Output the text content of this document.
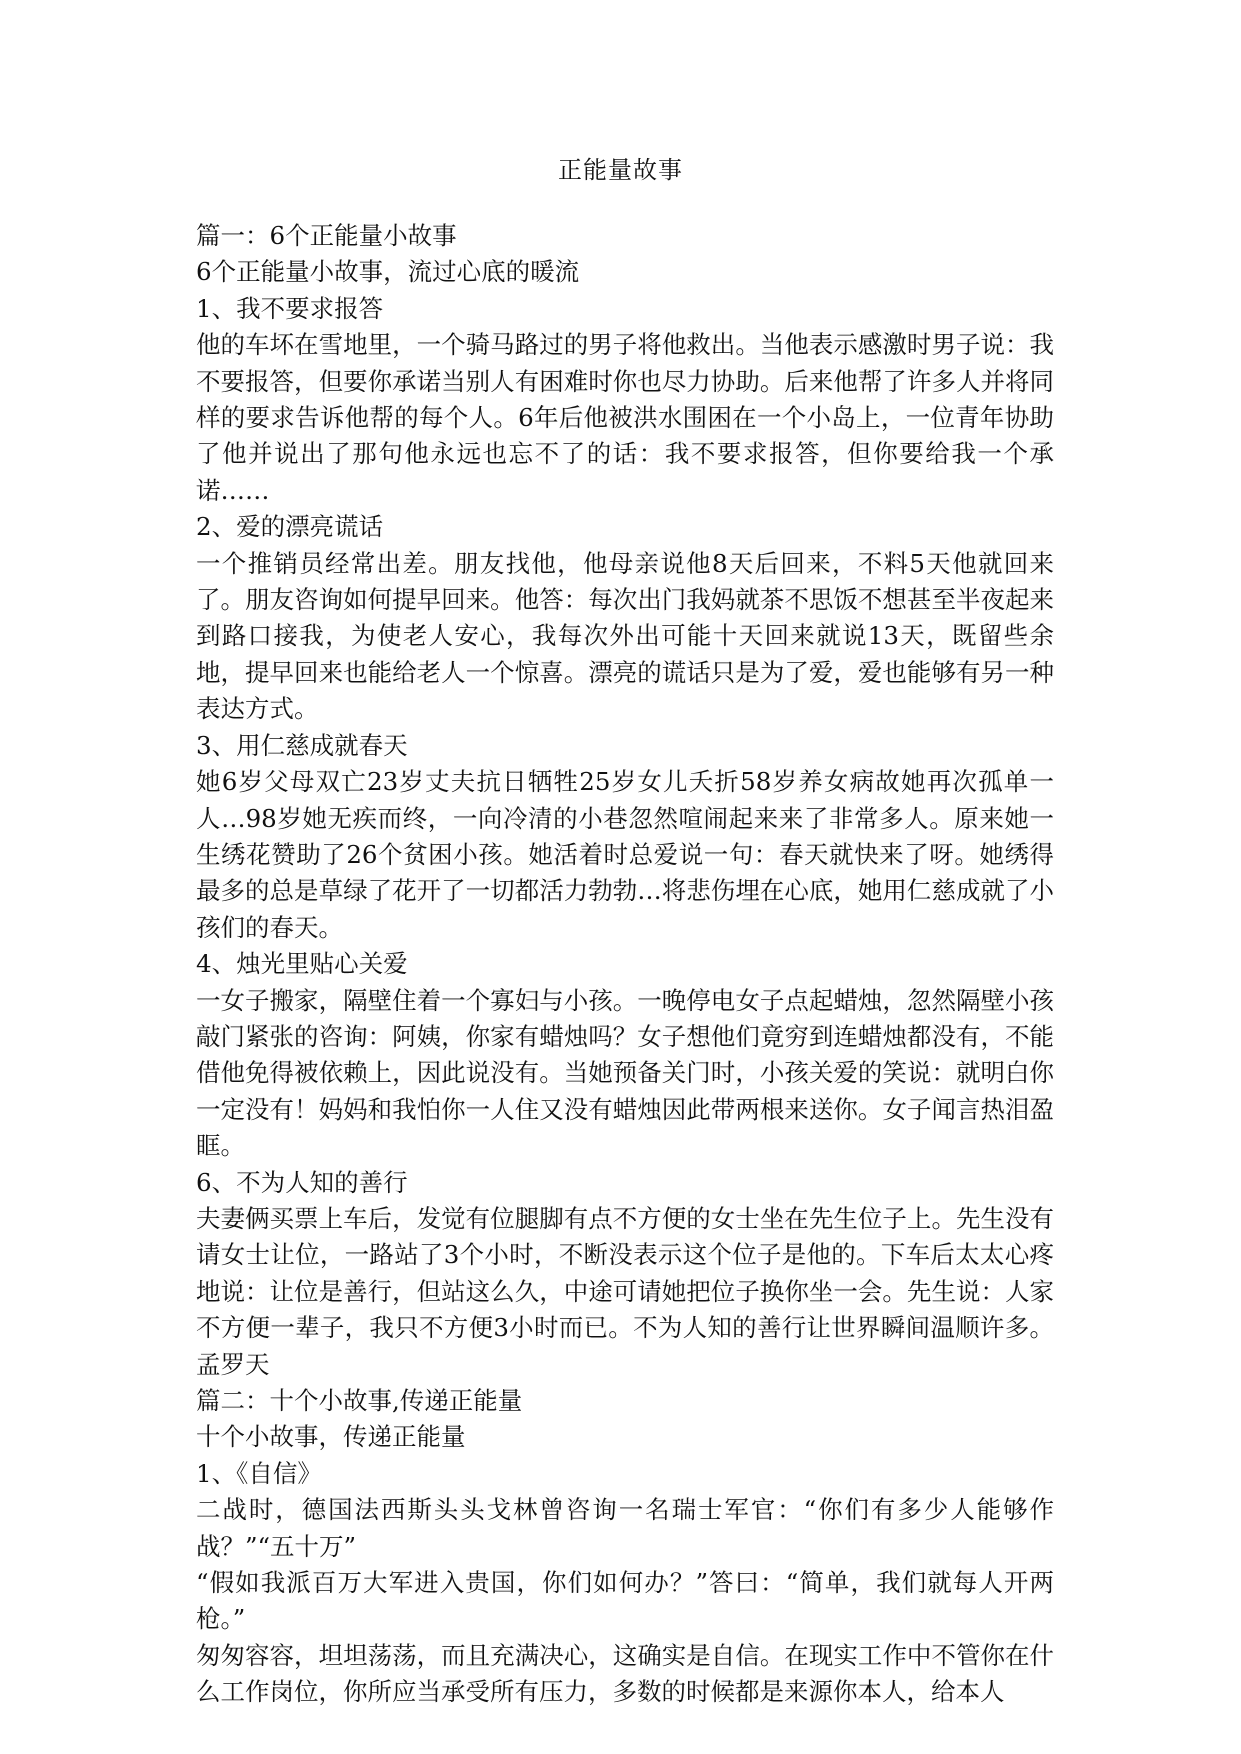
正能量故事

篇一：6个正能量小故事

6个正能量小故事，流过心底的暖流

1、我不要求报答

他的车坏在雪地里，一个骑马路过的男子将他救出。当他表示感激时男子说：我不要报答，但要你承诺当别人有困难时你也尽力协助。后来他帮了许多人并将同样的要求告诉他帮的每个人。6年后他被洪水围困在一个小岛上，一位青年协助了他并说出了那句他永远也忘不了的话：我不要求报答，但你要给我一个承诺……

2、爱的漂亮谎话

一个推销员经常出差。朋友找他，他母亲说他8天后回来，不料5天他就回来了。朋友咨询如何提早回来。他答：每次出门我妈就茶不思饭不想甚至半夜起来到路口接我，为使老人安心，我每次外出可能十天回来就说13天，既留些余地，提早回来也能给老人一个惊喜。漂亮的谎话只是为了爱，爱也能够有另一种表达方式。

3、用仁慈成就春天

她6岁父母双亡23岁丈夫抗日牺牲25岁女儿夭折58岁养女病故她再次孤单一人…98岁她无疾而终，一向冷清的小巷忽然喧闹起来来了非常多人。原来她一生绣花赞助了26个贫困小孩。她活着时总爱说一句：春天就快来了呀。她绣得最多的总是草绿了花开了一切都活力勃勃…将悲伤埋在心底，她用仁慈成就了小孩们的春天。

4、烛光里贴心关爱

一女子搬家，隔壁住着一个寡妇与小孩。一晚停电女子点起蜡烛，忽然隔壁小孩敲门紧张的咨询：阿姨，你家有蜡烛吗？女子想他们竟穷到连蜡烛都没有，不能借他免得被依赖上，因此说没有。当她预备关门时，小孩关爱的笑说：就明白你一定没有！妈妈和我怕你一人住又没有蜡烛因此带两根来送你。女子闻言热泪盈眶。

6、不为人知的善行

夫妻俩买票上车后，发觉有位腿脚有点不方便的女士坐在先生位子上。先生没有请女士让位，一路站了3个小时，不断没表示这个位子是他的。下车后太太心疼地说：让位是善行，但站这么久，中途可请她把位子换你坐一会。先生说：人家不方便一辈子，我只不方便3小时而已。不为人知的善行让世界瞬间温顺许多。孟罗天

篇二：十个小故事,传递正能量

十个小故事，传递正能量

1、《自信》

二战时，德国法西斯头头戈林曾咨询一名瑞士军官：“你们有多少人能够作战？”“五十万”

“假如我派百万大军进入贵国，你们如何办？”答曰：“简单，我们就每人开两枪。”

匆匆容容，坦坦荡荡，而且充满决心，这确实是自信。在现实工作中不管你在什么工作岗位，你所应当承受所有压力，多数的时候都是来源你本人，给本人
